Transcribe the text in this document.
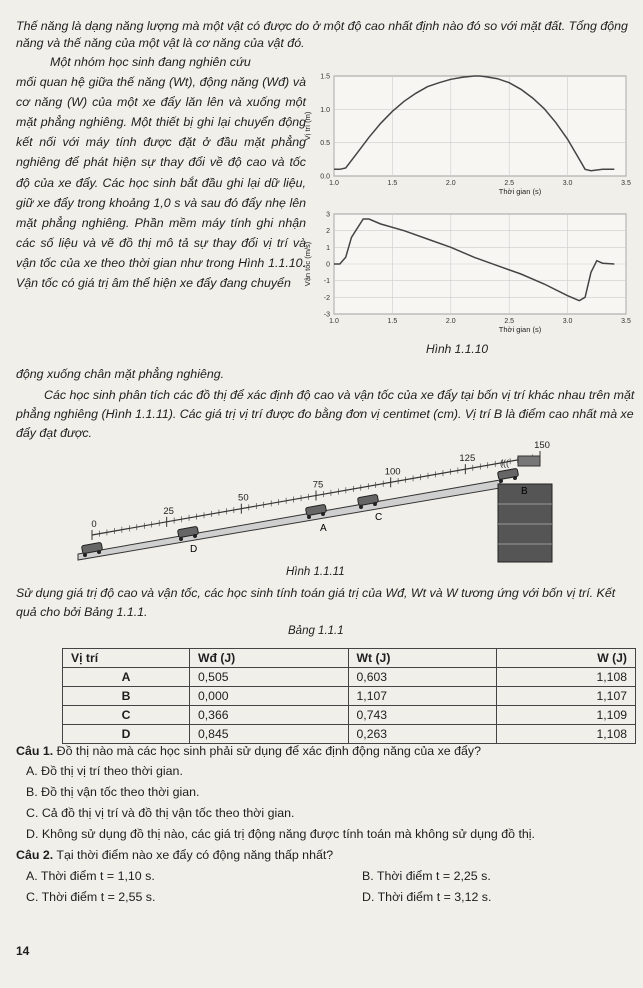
Thế năng là dạng năng lượng mà một vật có được do ở một độ cao nhất định nào đó so với mặt đất. Tổng động năng và thế năng của một vật là cơ năng của vật đó.
Một nhóm học sinh đang nghiên cứu
mối quan hệ giữa thế năng (Wt), động năng (Wđ) và cơ năng (W) của một xe đẩy lăn lên và xuống một mặt phẳng nghiêng. Một thiết bị ghi lại chuyển động kết nối với máy tính được đặt ở đầu mặt phẳng nghiêng để phát hiện sự thay đổi về độ cao và tốc độ của xe đẩy. Các học sinh bắt đầu ghi lại dữ liệu, giữ xe đẩy trong khoảng 1,0 s và sau đó đẩy nhẹ lên mặt phẳng nghiêng. Phần mềm máy tính ghi nhận các số liệu và vẽ đồ thị mô tả sự thay đổi vị trí và vận tốc của xe theo thời gian như trong Hình 1.1.10. Vận tốc có giá trị âm thể hiện xe đẩy đang chuyển
động xuống chân mặt phẳng nghiêng.
1.0	1.5	2.0	2.5	3.0	3.5
0.0
0.5
1.0
1.5
Thời gian (s)
Vị trí (m)
1.0	1.5	2.0	2.5	3.0	3.5
3
2
1
0
-1
-2
-3
Thời gian (s)
Vận tốc (m/s)
Hình 1.1.10
Các học sinh phân tích các đồ thị để xác định độ cao và vận tốc của xe đẩy tại bốn vị trí khác nhau trên mặt phẳng nghiêng (Hình 1.1.11). Các giá trị vị trí được đo bằng đơn vị centimet (cm). Vị trí B là điểm cao nhất mà xe đẩy đạt được.
0
25
50
75
100
125
150
(((
D
A
C
B
Hình 1.1.11
Sử dụng giá trị độ cao và vận tốc, các học sinh tính toán giá trị của Wđ, Wt và W tương ứng với bốn vị trí. Kết quả cho bởi Bảng 1.1.1.
Bảng 1.1.1
Vị trí	Wđ (J)	Wt (J)	W (J)
A	0,505	0,603	1,108
B	0,000	1,107	1,107
C	0,366	0,743	1,109
D	0,845	0,263	1,108
Câu 1. Đồ thị nào mà các học sinh phải sử dụng để xác định động năng của xe đẩy?
A. Đồ thị vị trí theo thời gian.
B. Đồ thị vận tốc theo thời gian.
C. Cả đồ thị vị trí và đồ thị vận tốc theo thời gian.
D. Không sử dụng đồ thị nào, các giá trị động năng được tính toán mà không sử dụng đồ thị.
Câu 2. Tại thời điểm nào xe đẩy có động năng thấp nhất?
A. Thời điểm t = 1,10 s.	B. Thời điểm t = 2,25 s.
C. Thời điểm t = 2,55 s.	D. Thời điểm t = 3,12 s.
14
